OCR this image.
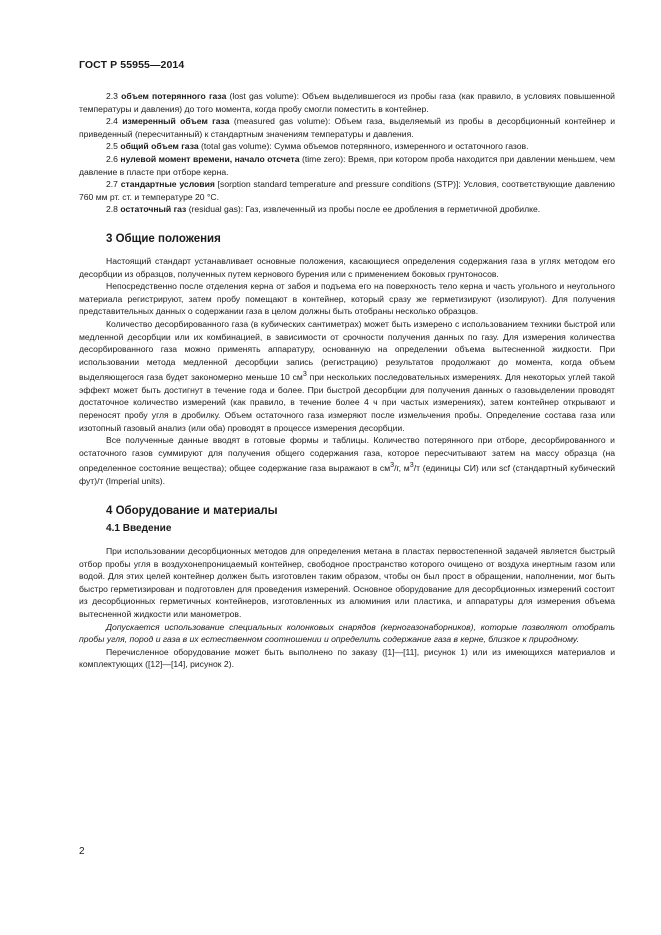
ГОСТ Р 55955—2014

2.3 объем потерянного газа (lost gas volume): Объем выделившегося из пробы газа (как правило, в условиях повышенной температуры и давления) до того момента, когда пробу смогли поместить в контейнер.

2.4 измеренный объем газа (measured gas volume): Объем газа, выделяемый из пробы в десорбционный контейнер и приведенный (пересчитанный) к стандартным значениям температуры и давления.

2.5 общий объем газа (total gas volume): Сумма объемов потерянного, измеренного и остаточного газов.

2.6 нулевой момент времени, начало отсчета (time zero): Время, при котором проба находится при давлении меньшем, чем давление в пласте при отборе керна.

2.7 стандартные условия [sorption standard temperature and pressure conditions (STP)]: Условия, соответствующие давлению 760 мм рт. ст. и температуре 20 °С.

2.8 остаточный газ (residual gas): Газ, извлеченный из пробы после ее дробления в герметичной дробилке.

3 Общие положения

Настоящий стандарт устанавливает основные положения, касающиеся определения содержания газа в углях методом его десорбции из образцов, полученных путем кернового бурения или с применением боковых грунтоносов.

Непосредственно после отделения керна от забоя и подъема его на поверхность тело керна и часть угольного и неугольного материала регистрируют, затем пробу помещают в контейнер, который сразу же герметизируют (изолируют). Для получения представительных данных о содержании газа в целом должны быть отобраны несколько образцов.

Количество десорбированного газа (в кубических сантиметрах) может быть измерено с использованием техники быстрой или медленной десорбции или их комбинацией, в зависимости от срочности получения данных по газу. Для измерения количества десорбированного газа можно применять аппаратуру, основанную на определении объема вытесненной жидкости. При использовании метода медленной десорбции запись (регистрацию) результатов продолжают до момента, когда объем выделяющегося газа будет закономерно меньше 10 $см^3$ при нескольких последовательных измерениях. Для некоторых углей такой эффект может быть достигнут в течение года и более. При быстрой десорбции для получения данных о газовыделении проводят достаточное количество измерений (как правило, в течение более 4 ч при частых измерениях), затем контейнер открывают и переносят пробу угля в дробилку. Объем остаточного газа измеряют после измельчения пробы. Определение состава газа или изотопный газовый анализ (или оба) проводят в процессе измерения десорбции.

Все полученные данные вводят в готовые формы и таблицы. Количество потерянного при отборе, десорбированного и остаточного газов суммируют для получения общего содержания газа, которое пересчитывают затем на массу образца (на определенное состояние вещества); общее содержание газа выражают в $см^3/г$, $м^3/т$ (единицы СИ) или scf (стандартный кубический фут)/т (Imperial units).

4 Оборудование и материалы
4.1 Введение

При использовании десорбционных методов для определения метана в пластах первостепенной задачей является быстрый отбор пробы угля в воздухонепроницаемый контейнер, свободное пространство которого очищено от воздуха инертным газом или водой. Для этих целей контейнер должен быть изготовлен таким образом, чтобы он был прост в обращении, наполнении, мог быть быстро герметизирован и подготовлен для проведения измерений. Основное оборудование для десорбционных измерений состоит из десорбционных герметичных контейнеров, изготовленных из алюминия или пластика, и аппаратуры для измерения объема вытесненной жидкости или манометров.

Допускается использование специальных колонковых снарядов (керногазонаборников), которые позволяют отобрать пробы угля, пород и газа в их естественном соотношении и определить содержание газа в керне, близкое к природному.

Перечисленное оборудование может быть выполнено по заказу ([1]—[11], рисунок 1) или из имеющихся материалов и комплектующих ([12]—[14], рисунок 2).

2
